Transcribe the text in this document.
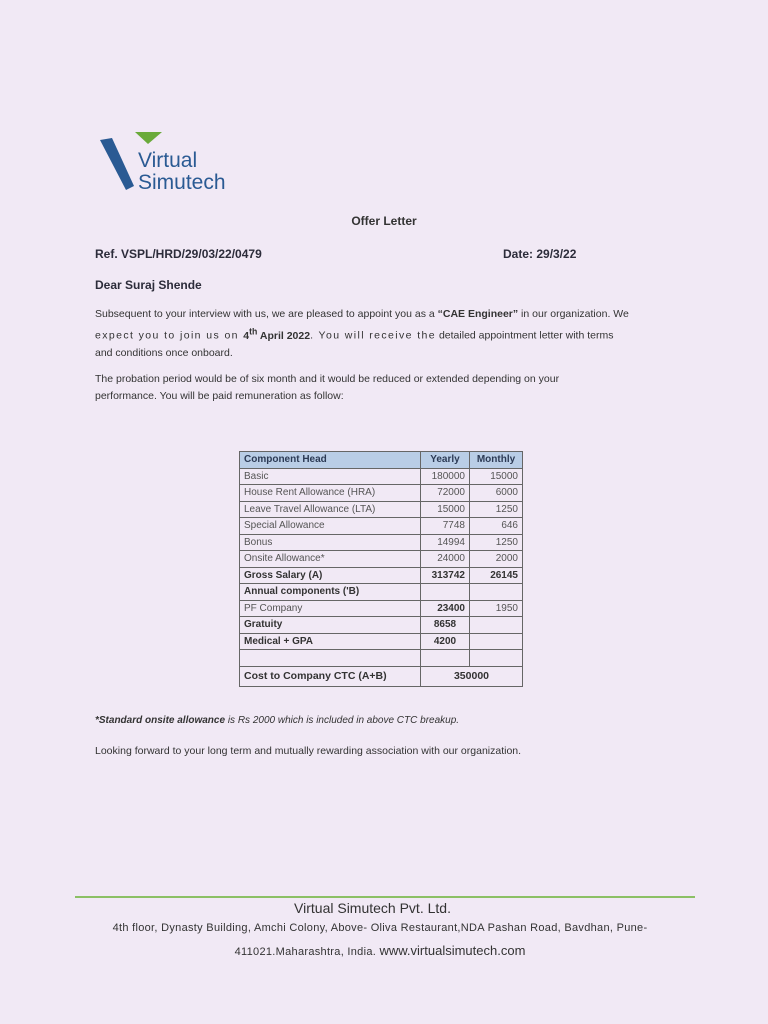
Virtual
Simutech
Offer Letter
Ref. VSPL/HRD/29/03/22/0479	Date: 29/3/22
Dear Suraj Shende
Subsequent to your interview with us, we are pleased to appoint you as a “CAE Engineer” in our organization. We
expect you to join us on 4th April 2022. You will receive the detailed appointment letter with terms
and conditions once onboard.
The probation period would be of six month and it would be reduced or extended depending on your
performance. You will be paid remuneration as follow:
Component Head	Yearly	Monthly
Basic	180000	15000
House Rent Allowance (HRA)	72000	6000
Leave Travel Allowance (LTA)	15000	1250
Special Allowance	7748	646
Bonus	14994	1250
Onsite Allowance*	24000	2000
Gross Salary (A)	313742	26145
Annual components ('B)		
PF Company	23400	1950
Gratuity	8658	
Medical + GPA	4200	

Cost to Company CTC (A+B)	350000	
*Standard onsite allowance is Rs 2000 which is included in above CTC breakup.
Looking forward to your long term and mutually rewarding association with our organization.
Virtual Simutech Pvt. Ltd.
4th floor, Dynasty Building, Amchi Colony, Above- Oliva Restaurant,NDA Pashan Road, Bavdhan, Pune-
411021.Maharashtra, India. www.virtualsimutech.com
